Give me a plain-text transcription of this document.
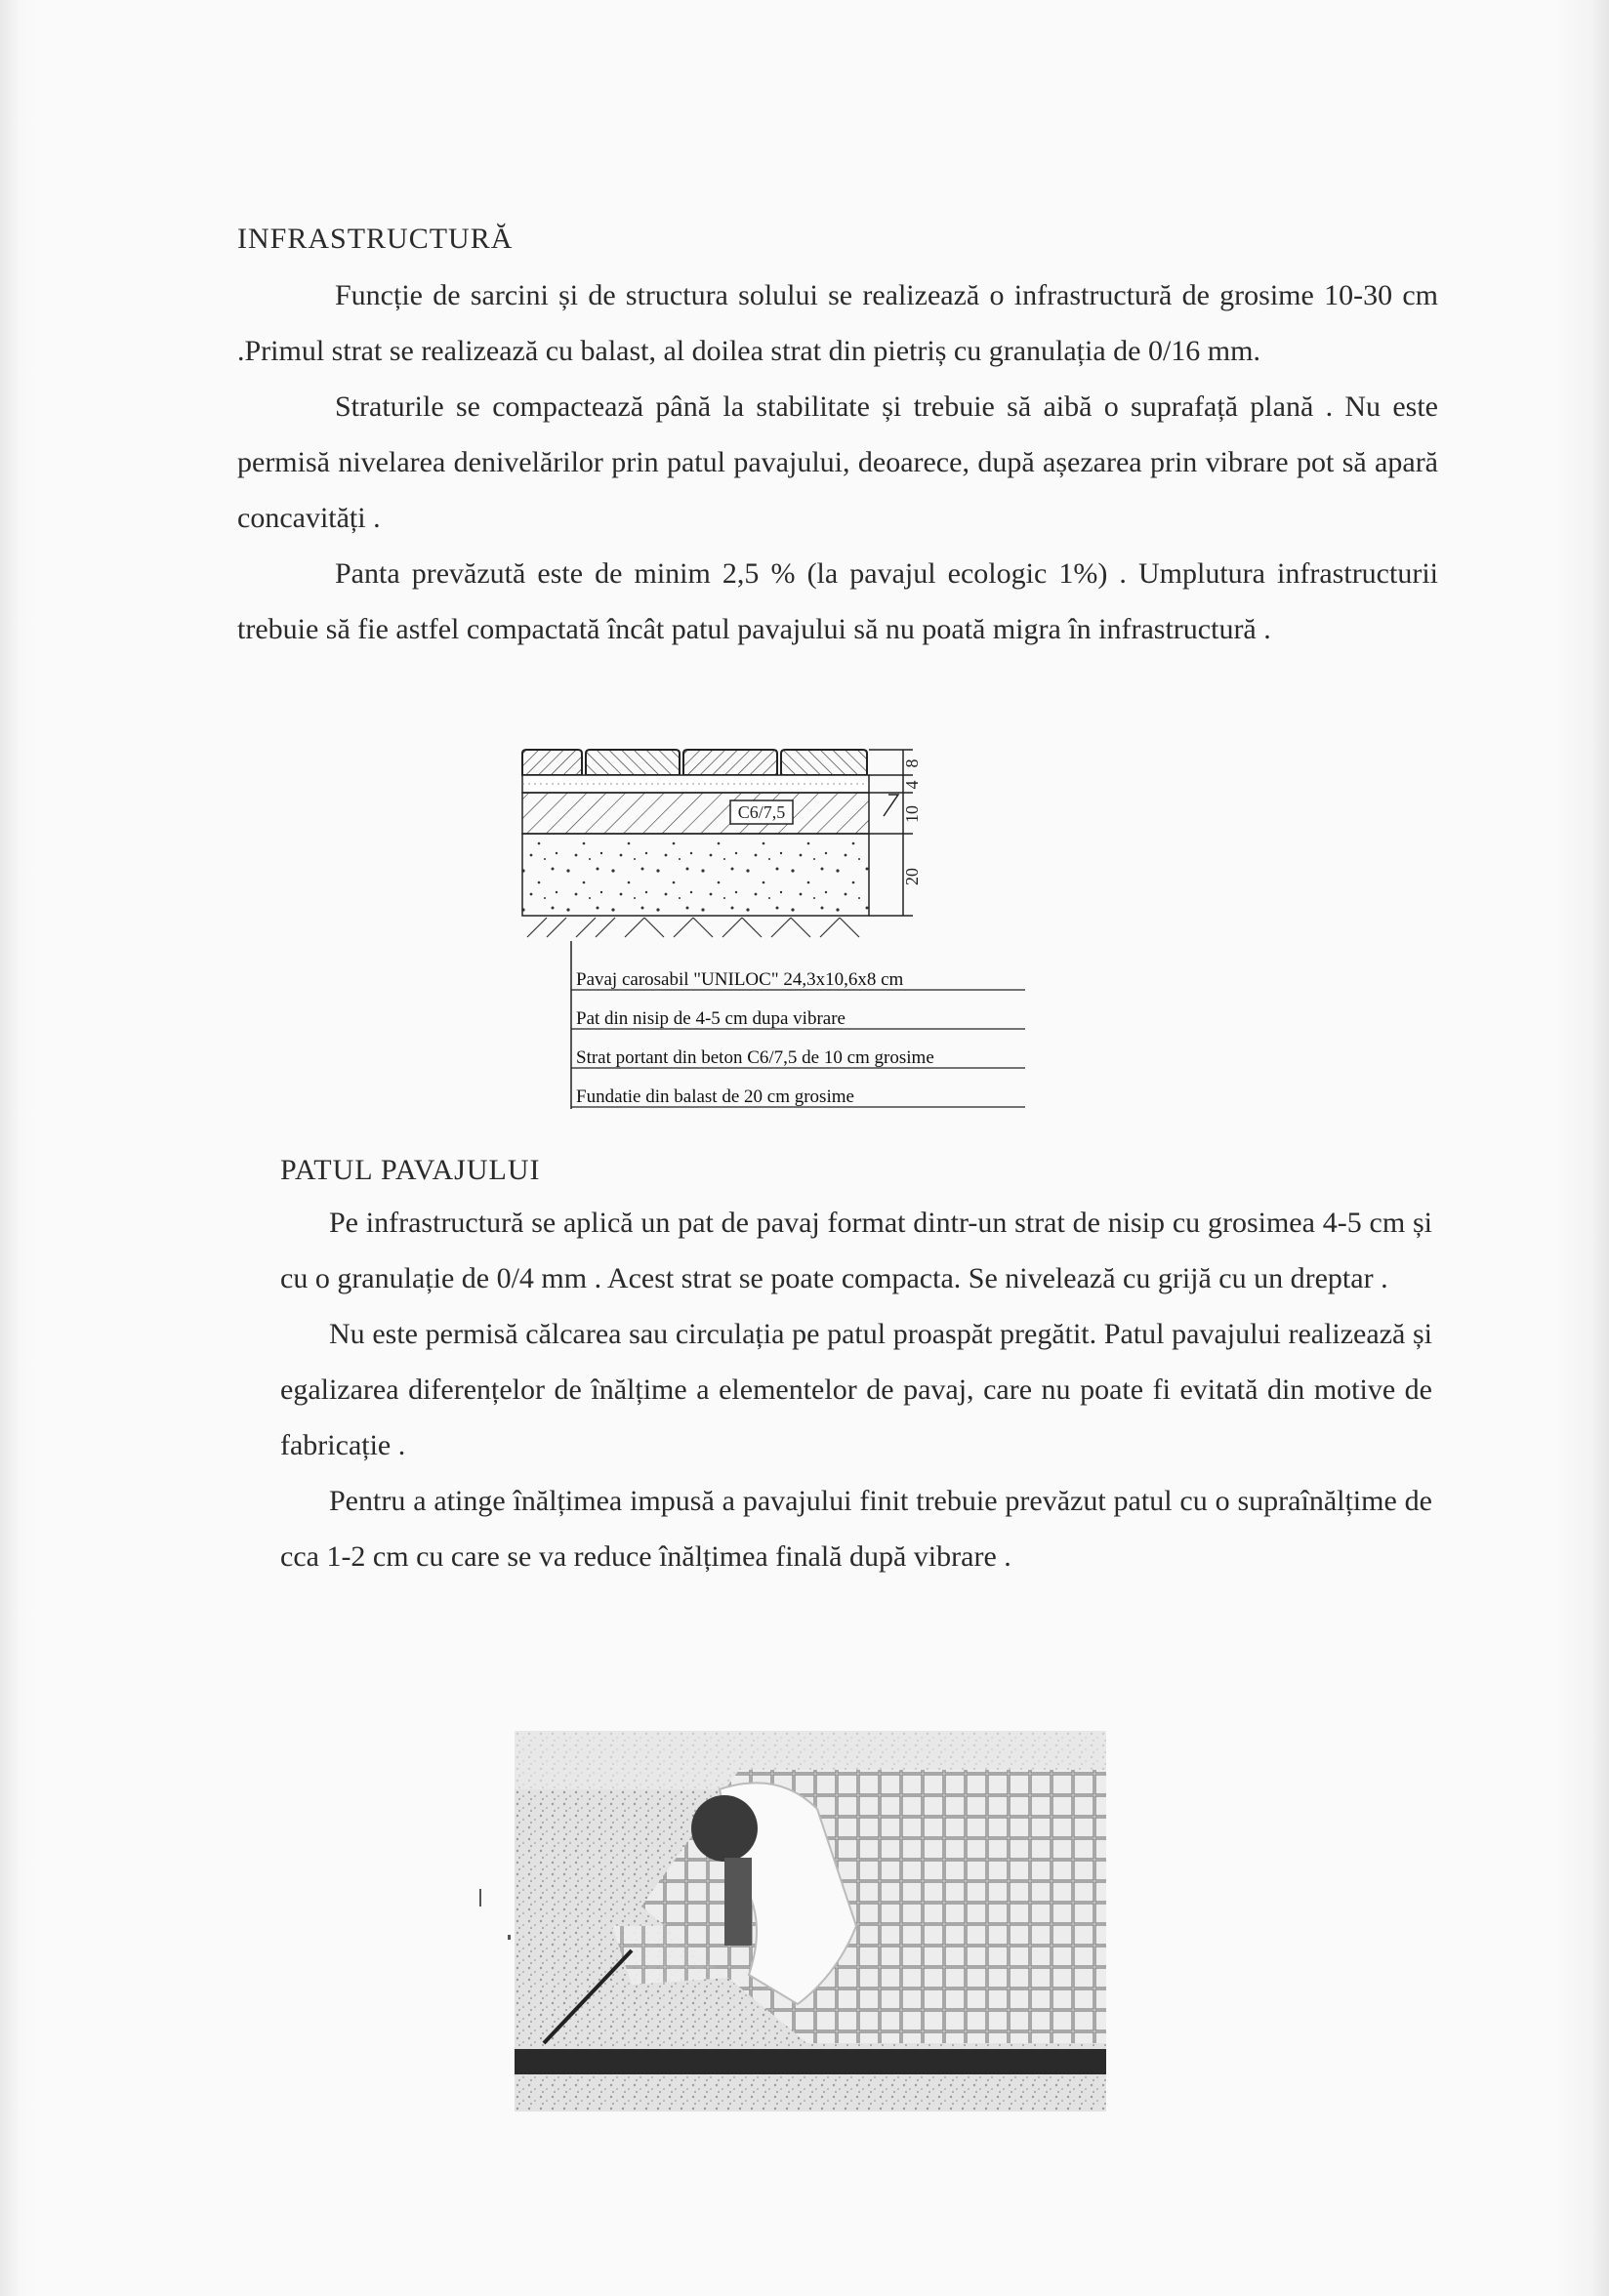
INFRASTRUCTURĂ

Funcție de sarcini și de structura solului se realizează o infrastructură de grosime 10-30 cm .Primul strat se realizează cu balast, al doilea strat din pietriș cu granulația de 0/16 mm.

Straturile se compactează până la stabilitate și trebuie să aibă o suprafață plană . Nu este permisă nivelarea denivelărilor prin patul pavajului, deoarece, după așezarea prin vibrare pot să apară concavități .

Panta prevăzută este de minim 2,5 % (la pavajul ecologic 1%) . Umplutura infrastructurii trebuie să fie astfel compactată încât patul pavajului să nu poată migra în infrastructură .

C6/7,5
8
4
10
20
Pavaj carosabil "UNILOC" 24,3x10,6x8 cm
Pat din nisip de 4-5 cm dupa vibrare
Strat portant din beton C6/7,5 de 10 cm grosime
Fundatie din balast de 20 cm grosime
PATUL PAVAJULUI

Pe infrastructură se aplică un pat de pavaj format dintr-un strat de nisip cu grosimea 4-5 cm și cu o granulație de 0/4 mm . Acest strat se poate compacta. Se nivelează cu grijă cu un dreptar .

Nu este permisă călcarea sau circulația pe patul proaspăt pregătit. Patul pavajului realizează și egalizarea diferențelor de înălțime a elementelor de pavaj, care nu poate fi evitată din motive de fabricație .

Pentru a atinge înălțimea impusă a pavajului finit trebuie prevăzut patul cu o supraînălțime de cca 1-2 cm cu care se va reduce înălțimea finală după vibrare .
